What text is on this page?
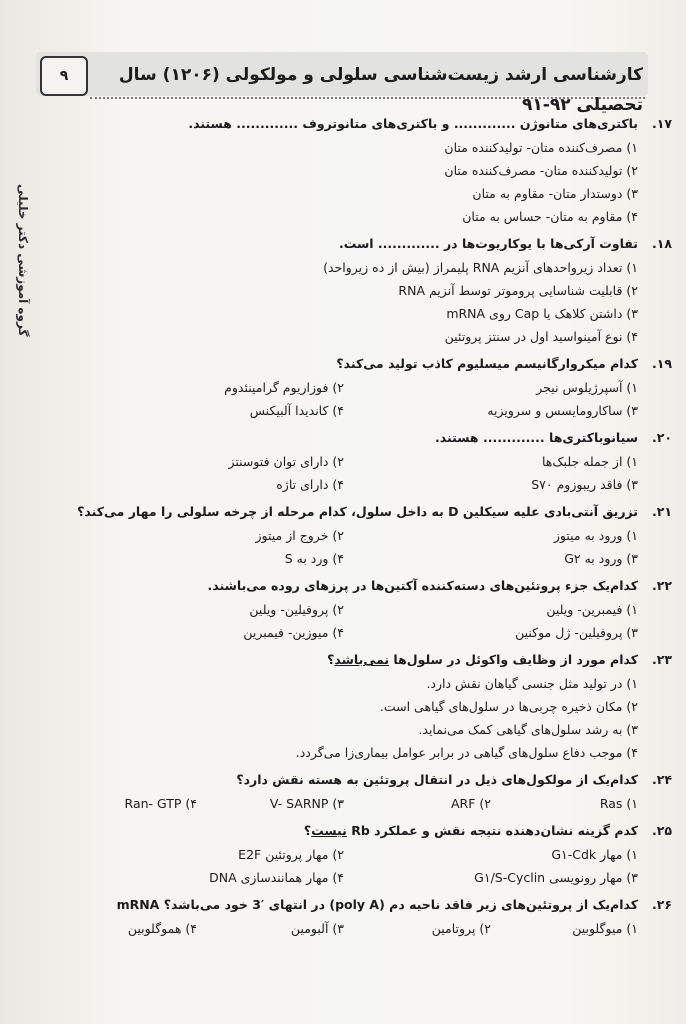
۹	کارشناسی ارشد زیست‌شناسی سلولی و مولکولی (۱۲۰۶) سال تحصیلی ۹۲-۹۱
گروه آموزشی دکتر خلیلی
۱۷.
باکتری‌های متانوژن ............. و باکتری‌های متانوتروف ............. هستند.
۱) مصرف‌کننده متان- تولیدکننده متان
۲) تولیدکننده متان- مصرف‌کننده متان
۳) دوستدار متان- مقاوم به متان
۴) مقاوم به متان- حساس به متان
۱۸.
تفاوت آرکی‌ها با یوکاریوت‌ها در ............. است.
۱) تعداد زیرواحدهای آنزیم RNA پلیمراز (بیش از ده زیرواحد)
۲) قابلیت شناسایی پروموتر توسط آنزیم RNA
۳) داشتن کلاهک یا Cap روی mRNA
۴) نوع آمینواسید اول در سنتز پروتئین
۱۹.
کدام میکروارگانیسم میسلیوم کاذب تولید می‌کند؟
۱) آسپرژیلوس نیجر
۲) فوزاریوم گرامینئدوم
۳) ساکارومایسس و سرویزیه
۴) کاندیدا آلبیکنس
۲۰.
سیانوباکتری‌ها ............. هستند.
۱) از جمله جلبک‌ها
۲) دارای توان فتوسنتز
۳) فاقد ریبوزوم S۷۰
۴) دارای تاژه
۲۱.
تزریق آنتی‌بادی علیه سیکلین D به داخل سلول، کدام مرحله از چرخه سلولی را مهار می‌کند؟
۱) ورود به میتوز
۲) خروج از میتوز
۳) ورود به G۲
۴) ورد به S
۲۲.
کدام‌یک جزء پروتئین‌های دسته‌کننده آکتین‌ها در پرزهای روده می‌باشند.
۱) فیمبرین- ویلین
۲) پروفیلین- ویلین
۳) پروفیلین- ژل موکنین
۴) میوزین- فیمبرین
۲۳.
کدام مورد از وظایف واکوئل در سلول‌ها نمی‌باشد؟
۱) در تولید مثل جنسی گیاهان نقش دارد.
۲) مکان ذخیره چربی‌ها در سلول‌های گیاهی است.
۳) به رشد سلول‌های گیاهی کمک می‌نماید.
۴) موجب دفاع سلول‌های گیاهی در برابر عوامل بیماری‌زا می‌گردد.
۲۴.
کدام‌یک از مولکول‌های ذیل در انتقال پروتئین به هسته نقش دارد؟
Ras (۱
ARF (۲
V- SARNP (۳
Ran- GTP (۴
۲۵.
کدم گزینه نشان‌دهنده نتیجه نقش و عملکرد Rb نیست؟
۱) مهار G۱-Cdk
۲) مهار پروتئین E2F
۳) مهار رونویسی G۱/S-Cyclin
۴) مهار همانندسازی DNA
۲۶.
کدام‌یک از پروتئین‌های زیر فاقد ناحیه دم (poly A) در انتهای ′3 خود می‌باشد؟ mRNA
۱) میوگلوبین
۲) پروتامین
۳) آلبومین
۴) هموگلوبین
